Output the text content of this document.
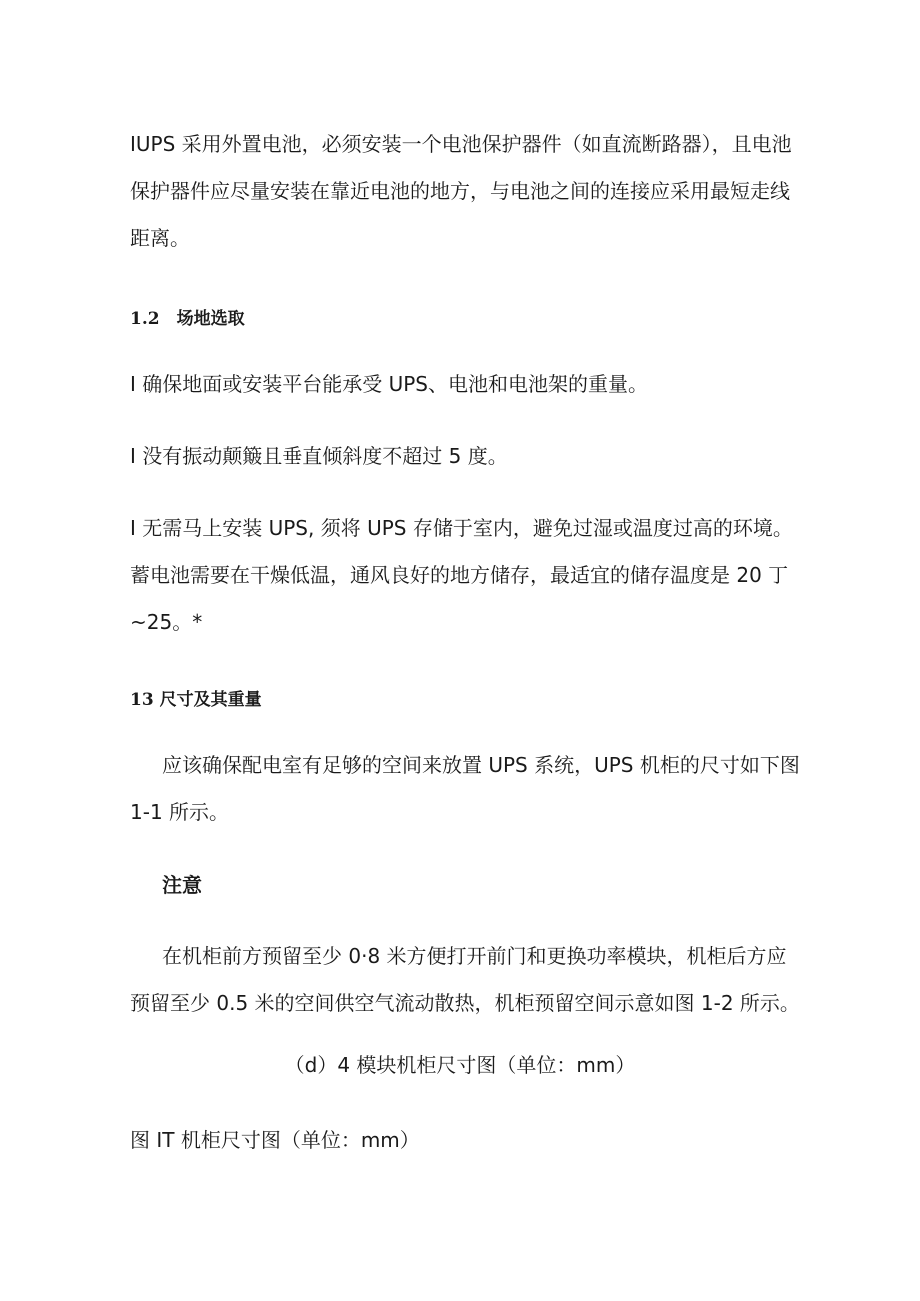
IUPS 采用外置电池，必须安装一个电池保护器件（如直流断路器），且电池保护器件应尽量安装在靠近电池的地方，与电池之间的连接应采用最短走线距离。

1.2　场地选取

I 确保地面或安装平台能承受 UPS、电池和电池架的重量。

I 没有振动颠簸且垂直倾斜度不超过 5 度。

I 无需马上安装 UPS, 须将 UPS 存储于室内，避免过湿或温度过高的环境。蓄电池需要在干燥低温，通风良好的地方储存，最适宜的储存温度是 20 丁 ~25。*

13 尺寸及其重量

应该确保配电室有足够的空间来放置 UPS 系统，UPS 机柜的尺寸如下图 1-1 所示。

注意

在机柜前方预留至少 0·8 米方便打开前门和更换功率模块，机柜后方应预留至少 0.5 米的空间供空气流动散热，机柜预留空间示意如图 1-2 所示。

（d）4 模块机柜尺寸图（单位：mm）

图 IT 机柜尺寸图（单位：mm）
